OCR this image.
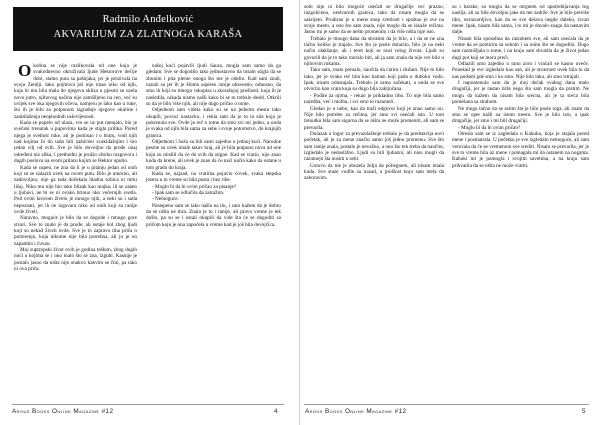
Radmilo Anđelković
AKVARIJUM ZA ZLATNOGA KARAŠA

Okolina se nije razlikovala od one koja je svakodnevno okruživala ljude Hektorove dečije dobi, stalno puta sa pašnjaka, jer je prozivala na svoju Zemlji. Iako pojmova još nije imao niko od njih, koja bi mu bila mala do njegova skliza u pjesmi se uzela novo jutro, njihovog načina nije zamišljeno na ceo, već su uvijek sve oka njegovih očeva, namjeru je lako kao u ruke, što ih je bilo za potpunost izgradnje njegove okoline i zaobilaženja neophodnih uslovljenosti.

Kada se popelo od ulaza, sve se uz put menjalo, bio je svečani trenutak u pupovima kada je stigla prilika. Pored njega je svetlost ruke, ali je pomisao i o bratu, vodi njih nad kojima bi do tada bili zaštićeni svakidašnjim i bio jedan cilj od svih. Sve je bilo dovoljno da prođe onaj određeni niz slika, i prethodni je pružio zbirku razgovora i dugih poslova na svom prilazu kojim se Hektor uputio.

Kada se uspeo, ne zna da li je u pitanju jedan od onih koji su se nalazili uvek na ovom putu. Bilo je umorno, ali zadovoljno, nije ga tada dočekala hladna sobica ni mrki lišaj. Niko mu nije bio tako blizak kao majka, ili se zaneo u ljubavi, ne bi se ni ovako brinuo oko večernjih svetla. Pod ovim krovom živelo je mnogo njih, a neki su i sada nepoznati, jer ih ne izgovara niko od onih koji su ranije ovde živeli.

Naravno, moguće je bilo da se dogode i mnogo gore stvari. Sve to znalo je da prođe, ali ostaje bol zbog ljudi koji su nekad živeli ovde. Sve je to zapravo tiha priča o pomirenju, koja nikome nije bila potrebna, ali ju je on zapamtio i čuvao.

Moj suptropski život ovih je godina teškim, zbog dugih noći u kojima se i ono malo što se zna, izgubi. Kasnije je postalo jasno da ništa nije onakvo kakvim se čini, pa tako ni ova priča.

našoj kući pojavili ljudi Saura, mogla sam samo da ga gledam. Sve se dogodilo tako jednostavno da nisam stigla da se zbunim i pita pleme onoga što me je odelio. Kad sam znali, uznali su jer ih je Homo sapiens ranije obavestio, odnosno, da smo ih koji su mnogo rukopisa u skorašnjoj prošlosti, koja ih je nasledila, nikada nismo našli kako bi se to trebalo desiti. Otkrili su da je bilo više njih, ali nije dugo pričao o tome.

Odjednom sam videla kako su se na jednom mestu tako okupili, povuci nastavku, i rekla sam da je to ta sila koja je pokrenula sve. Ovde je reč o tome da smo svi mi jedno, a onda je svaka od njih bila sama za sebe i svoje potomstvo, do krajnjih granica.

Odjednom i Sašu su bili sami zajedno u jednoj kući. Narodne pesme su uvek imale takav kraj, ali je bila potpuno nova od one koju su mislili da će do svih da stigne. Kad se vratio, nije znao kuda da krene, ali uvek je znao da će naći način kako da ostane u tom gradu do kraja.

Kada se, najzad, na vratima pojavio čovek, svaka stepska jezera u to vreme su bila pusta i bez ribe.

- Moglo bi da bi ovim pričao za pisanje?

- Ipak sam se odlučila da zatražim.

- Nemoguće.

Postepeno sam se tako našla na tlu, i zato kažem da je dobro da se ništa ne dira. Znala je to i ranije, ali pravo vreme je tek došlo, pa su se i ostali okupili da vide šta će se dogoditi sa pričom koju je ona započela u vreme kad je još bila devojčica.

Argus Books Online Magazine #12	4

sobi nije ni bilo moguće osećati se drugačije već prazno, razgolićeno, nestvarnih granica, tako da nisam mogla da se sakrijem. Prodirao je u mene snop svetlosti i spuštao je sve na svoje mesto, a ono što sam znala, nije moglo da se iskaže rečima. Jasno mi je samo da se nešto promenilo i da više ništa nije isto.

Trebalo je mnogo dana da shvatim da je bilo, a i da se ne zna tačno koliko je trajalo. Sve što je posle dolazilo, bilo je na neki način olakšanje, ali i teret koji se nosi celog života. Ljudi su govorili da je to tako moralo biti, ali ja sam znala da nije sve bilo u njihovim rukama.

Tako sam, malo pomalo, naučila da ćutim i slušam. Nije to bilo lako, jer je svaka reč bila kao kamen koji pada u duboku vodu. Ipak, nisam odustajala. Trebalo je samo sačekati, a onda se sve otvorilo kao vrata koja su dugo bila zaključana.

- Pođite za njima, - rekao je prikladno tiho. To nije bila samo naredba, već i molba, i svi smo to razumeli.

Gledao je u nebo, kao da traži odgovor koji je znao samo on. Nije bilo potrebe za rečima, jer smo svi osećali isto. U tom trenutku bila sam sigurna da se ništa ne može promeniti, ali sam se prevarila.

Dolazak u logor za prevazilaženje trebalo je da predstavlja novi početak, ali je za mene značio samo još jednu promenu. Sve što sam ranije znala, postalo je nevažno, a ono što tek treba da naučim, izgledalo je nedostižno. Ljudi su bili ljubazni, ali nisu mogli da razumeju šta nosim u sebi.

Gotovo da me je obuzela želja da pobegnem, ali nisam imala kuda. Sve staze vodile su nazad, u prošlost koju sam htela da zaboravim.

su i barake, su mogla da se otrgnem od upotrebljavanja tog nasilja, ali su bile dovoljno jake da me zadrže. Sve je bilo previše tiho, nerazumljivo, kao da se sve dešava negde daleko, izvan mene. Ipak, nisam bila sama, i to mi je davalo snagu da nastavim dalje.

Nisam bila sposobna da razumem sve, ali sam osećala da je vreme da se pomirim sa sobom i sa onim što se dogodilo. Dugo sam razmišljala o tome, i na kraju sam shvatila da je život jedan dugi put koji se mora preći.

Odlazili smo zajedno u ranu zoru i vraćali se kasno uveče. Ponekad je sve izgledalo kao san, ali je stvarnost uvek bila tu da nas podseti gde smo i ko smo. Nije bilo lako, ali smo istrajali.

I napomenula sam da je moj dečak svakog dana malo drugačiji, jer je rastao brže nego što sam mogla da pratim. Ne mogu da kažem da nisam bila srećna, ali je ta sreća bila pomešana sa strahom.

Ne mogu tačno da se setim šta je bilo posle toga, ali znam da smo se opet našli na istom mestu. Sve je bilo isto, a ipak drugačije, jer smo i mi bili drugačiji.

- Moglo bi da bi ovim pričao?

Otresla sam se iz zagledala u Kahuku, koja je stajala pored mene i posmatrala. U početku je sve izgledalo nemoguće, ali sam verovala da će se vremenom sve srediti. Nisam se prevarila, jer je sve to vreme bila uz mene i pomagala mi da ostanem na nogama. Kahuki mi je pomogla i svojim savetima, a na kraju sam prihvatila da se ništa ne može vratiti.

Argus Books Online Magazine #12	5
